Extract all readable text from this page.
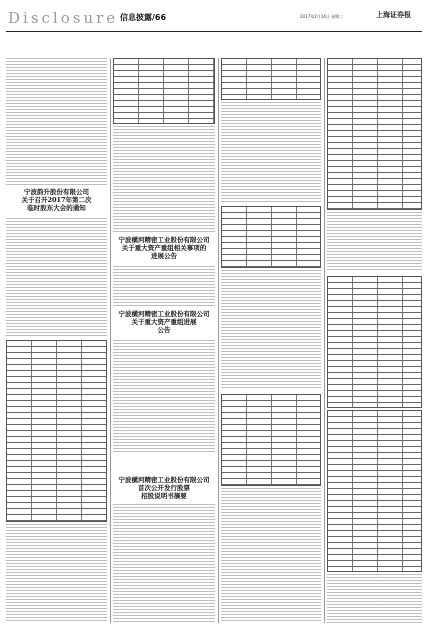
Disclosure 信息披露/66	2017年2月14日 星期二	上海证券报
宁波韵升股份有限公司
关于召开2017年第二次
临时股东大会的通知
宁波横河精密工业股份有限公司
关于重大资产重组相关事项的
进展公告
宁波横河精密工业股份有限公司
关于重大资产重组进展
公告
宁波横河精密工业股份有限公司
首次公开发行股票
招股说明书摘要
